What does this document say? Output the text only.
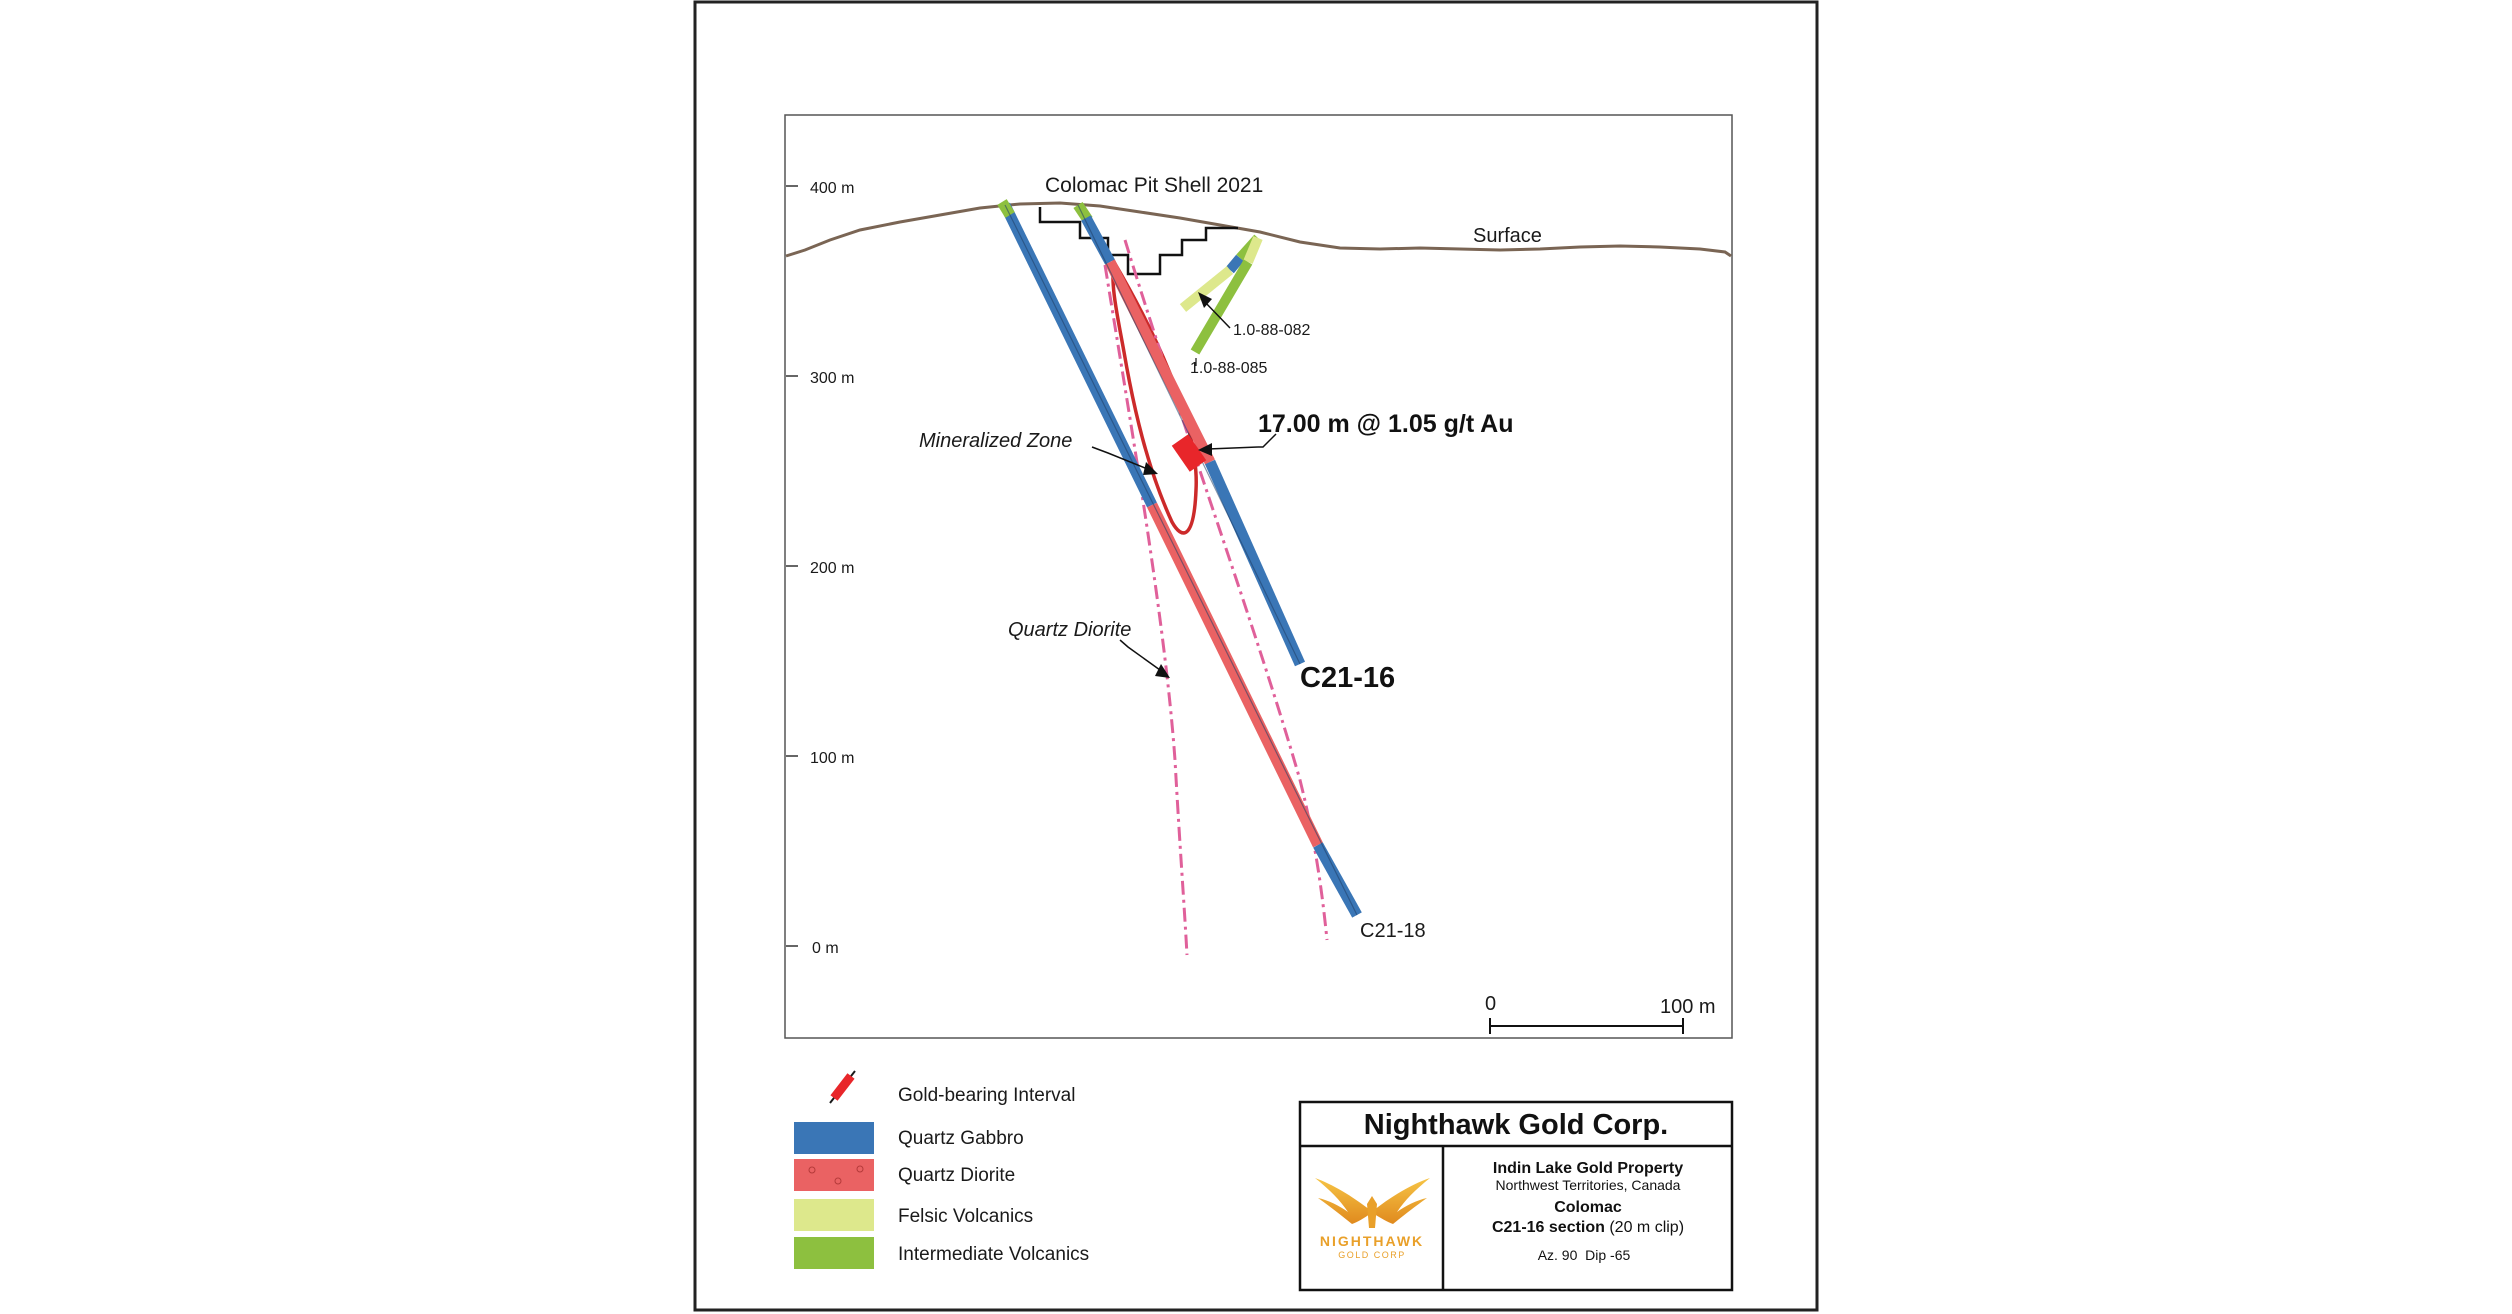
400 m
300 m
200 m
100 m
0 m
Surface
Colomac Pit Shell 2021
C21-18
C21-16
1.0-88-082
1.0-88-085
17.00 m @ 1.05 g/t Au
Mineralized Zone
Quartz Diorite
0	100 m
Gold-bearing Interval
Quartz Gabbro
Quartz Diorite
Felsic Volcanics
Intermediate Volcanics
Nighthawk Gold Corp.
NIGHTHAWK
GOLD CORP
Indin Lake Gold Property
Northwest Territories, Canada
Colomac
C21-16 section (20 m clip)
Az. 90  Dip -65
